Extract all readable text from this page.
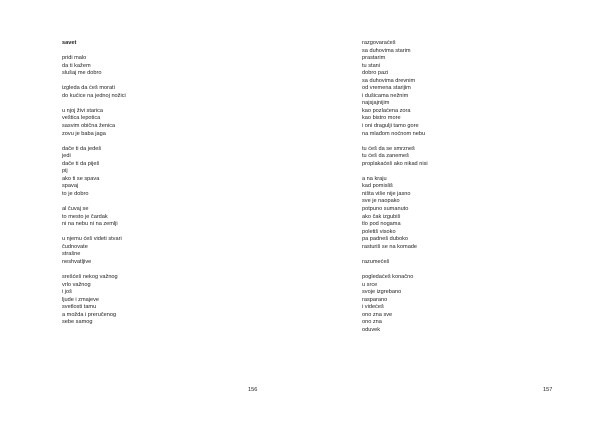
savet
pridi malo
da ti kažem
slušaj me dobro
izgleda da ćeš morati
do kućice na jednoj nožici
u njoj živi starica
veštica lepotica
sasvim obična ženica
zovu je baba jaga
dače ti da jedeš
jedi
dače ti da piješ
pij
ako ti se spava
spavaj
to je dobro
al čuvaj se
to mesto je čardak
ni na nebu ni na zemlji
u njemu ćeš videti stvari
čudnovate
strašne
neshvatljive
srešćeš nekog važnog
vrlo važnog
i još
ljude i zmajeve
svetlosti tamu
a možda i preručenog
sebe samog
156
razgovaraćeš
sa duhovima starim
prastarim
tu stani
dobro pazi
sa duhovima drevnim
od vremena starijim
i dušicama nežnim
najsjajnijim
kao pozlaćena zora
kao bistro more
i oni dragulji tamo gore
na mlađom noćnom nebu
tu ćeš da se smrzneš
tu ćeš da zanemeš
proplakaćeš ako nikad nisi
a na kraju
kad pomisliš
ništa više nije jasno
sve je naopako
potpuno sumanuto
ako čak izgubiš
tlo pod nogama
poletiš visoko
pa padneš duboko
rasturiš se na komade
razumećeš
pogledaćeš konačno
u srce
svoje izgrebano
rasparano
i videćeš
ono zna sve
ono zna
oduvek
157
